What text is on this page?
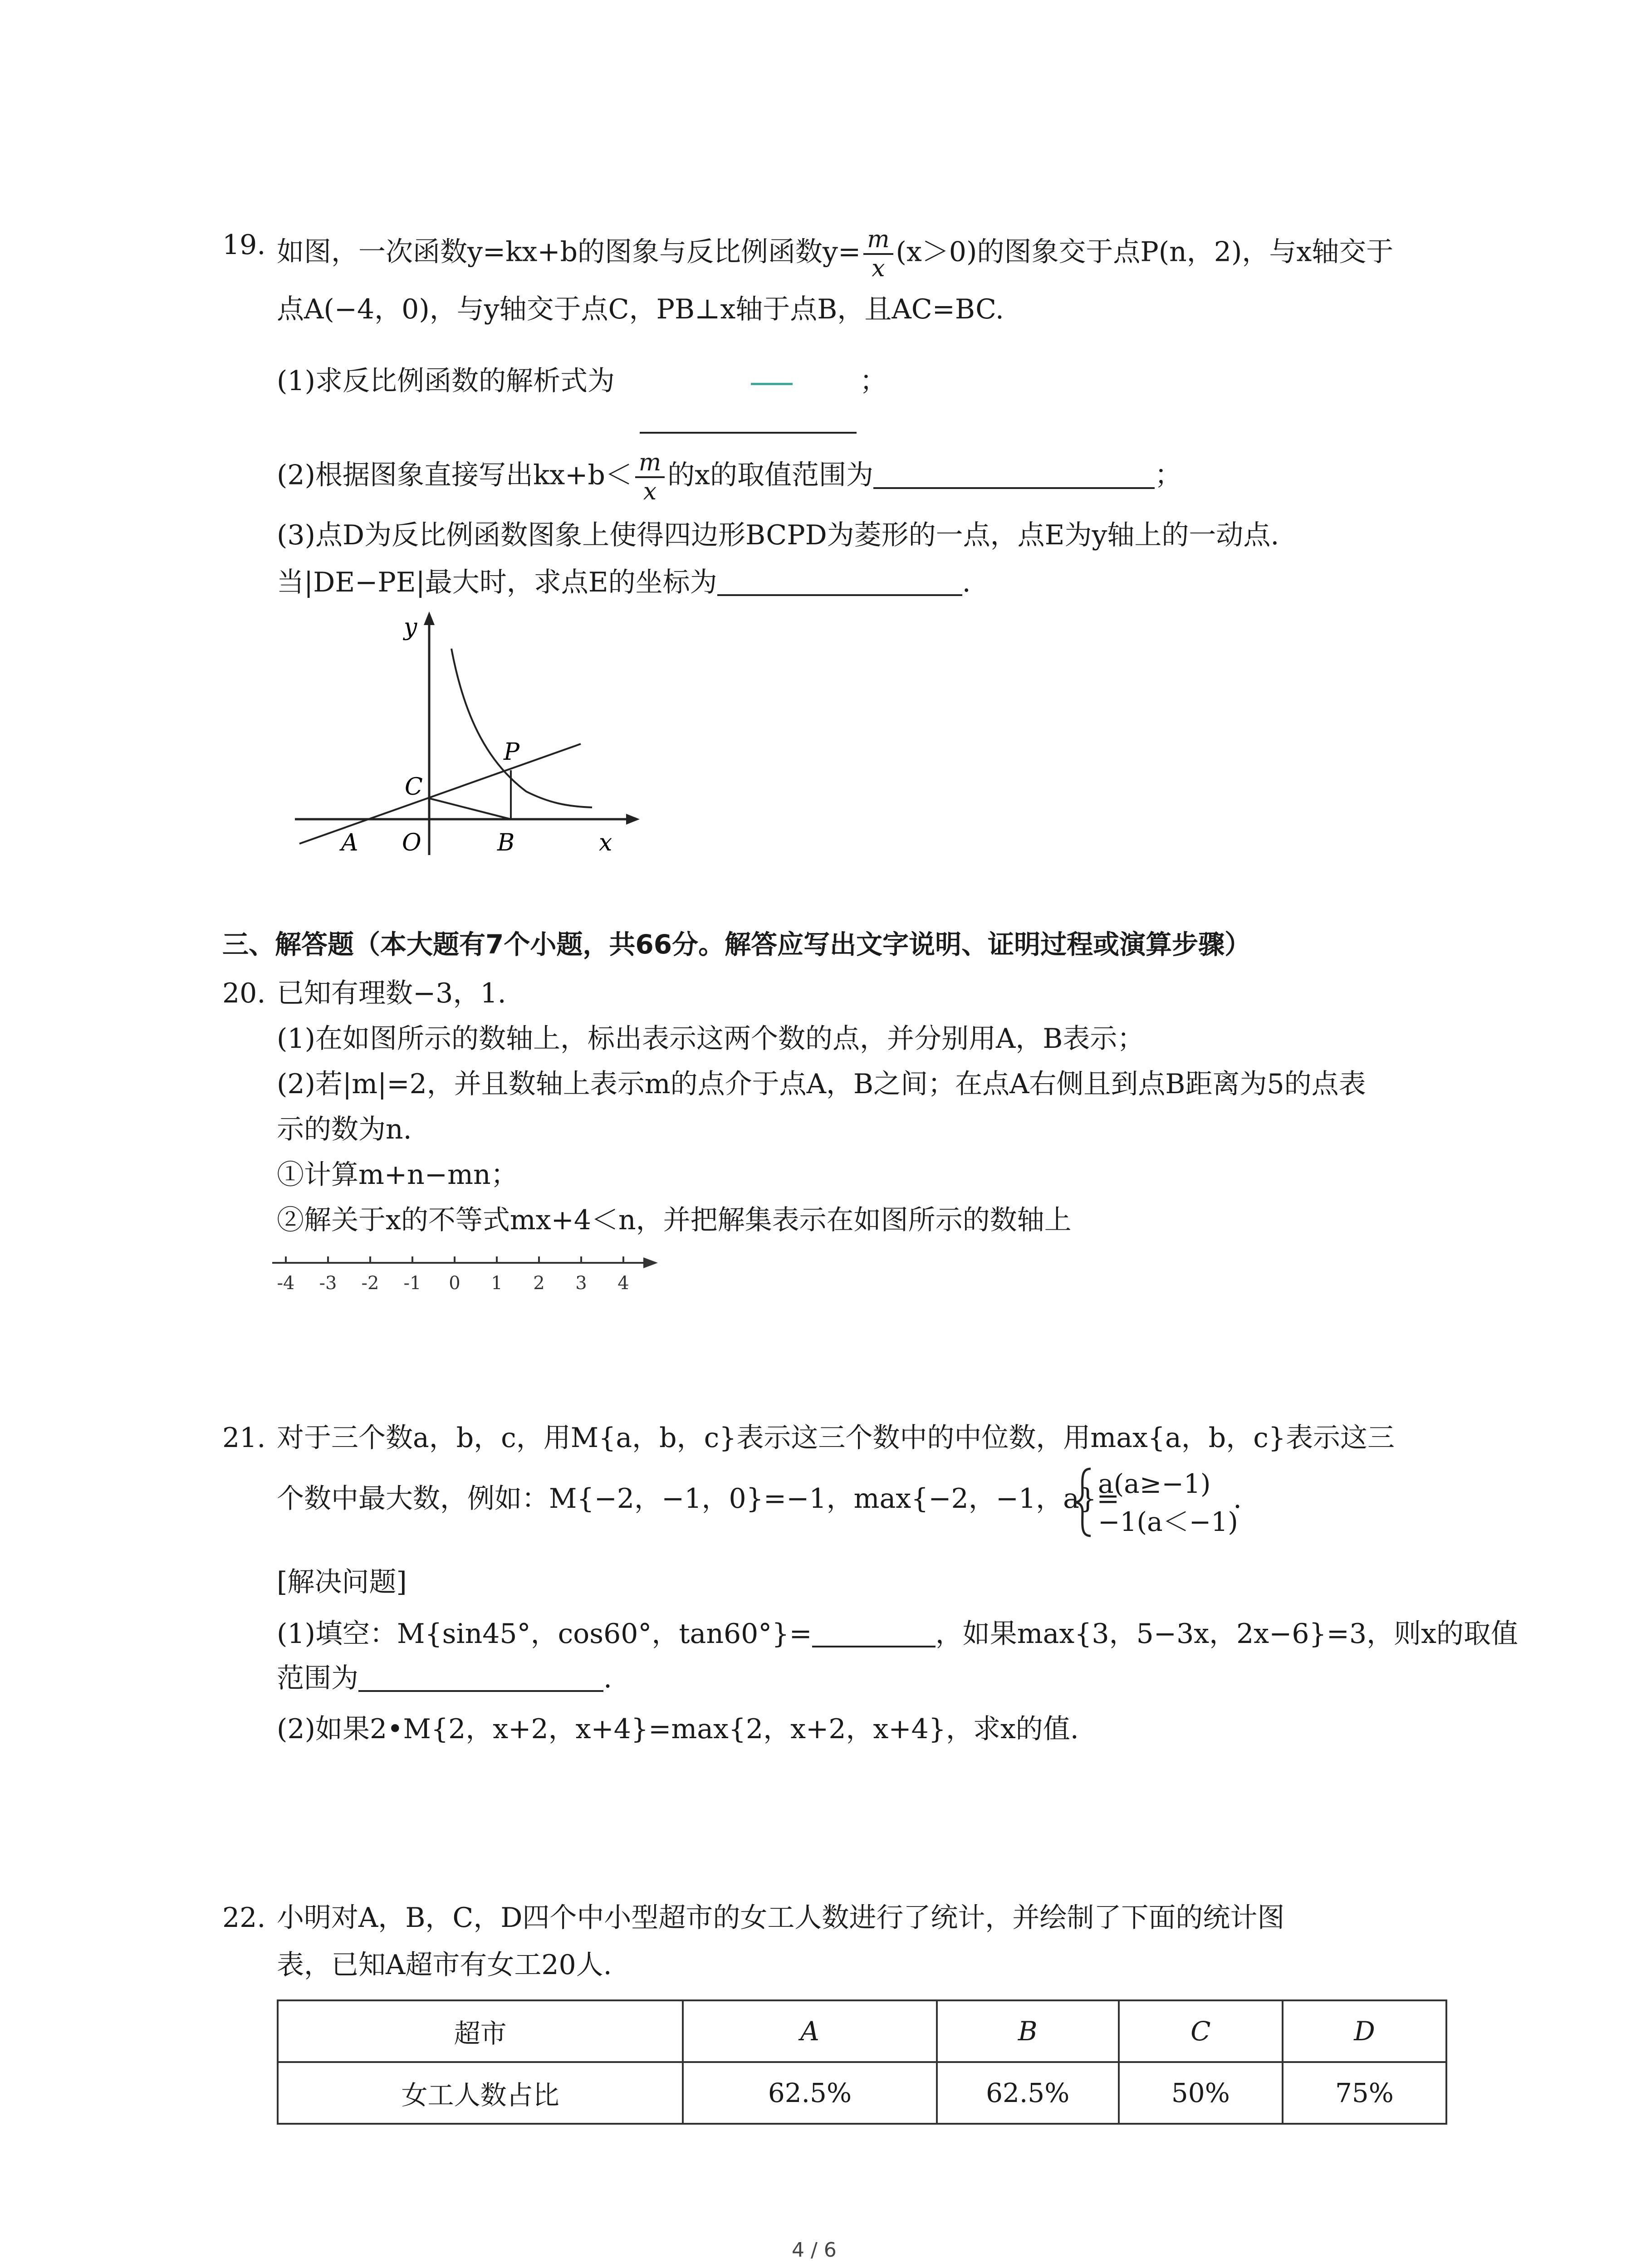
19. 如图，一次函数y=kx+b的图象与反比例函数$y= \frac{m}{x} (x>0)$的图象交于点P(n，2)，与x轴交于
点A(−4，0)，与y轴交于点C，PB⊥x轴于点B，且AC=BC.
(1)求反比例函数的解析式为	；
(2)根据图象直接写出$kx+b< \frac{m}{x}$ 的x的取值范围为	；
(3)点D为反比例函数图象上使得四边形BCPD为菱形的一点，点E为y轴上的一动点.
当|DE−PE|最大时，求点E的坐标为	.
y
x
A O	B
C
P
三、解答题（本大题有7个小题，共66分。解答应写出文字说明、证明过程或演算步骤）
20. 已知有理数−3，1.
(1)在如图所示的数轴上，标出表示这两个数的点，并分别用A，B表示；
(2)若|m|=2，并且数轴上表示m的点介于点A，B之间；在点A右侧且到点B距离为5的点表
示的数为n.
①计算m+n−mn；
②解关于x的不等式mx+4＜n，并把解集表示在如图所示的数轴上
-4 -3 -2 -1 0 1 2 3 4
21. 对于三个数a，b，c，用M{a，b，c}表示这三个数中的中位数，用max{a，b，c}表示这三
个数中最大数，例如：M{−2，−1，0}=−1，max{−2，−1，a}=
a(a≥−1)
−1(a＜−1)
.
[解决问题]
(1)填空：M{sin45°，cos60°，tan60°}=	，如果max{3，5−3x，2x−6}=3，则x的取值
范围为	.
(2)如果2•M{2，x+2，x+4}=max{2，x+2，x+4}，求x的值.
22. 小明对A，B，C，D四个中小型超市的女工人数进行了统计，并绘制了下面的统计图
表，已知A超市有女工20人.
超市	A	B	C	D
女工人数占比	62.5%	62.5%	50%	75%
4 / 6
